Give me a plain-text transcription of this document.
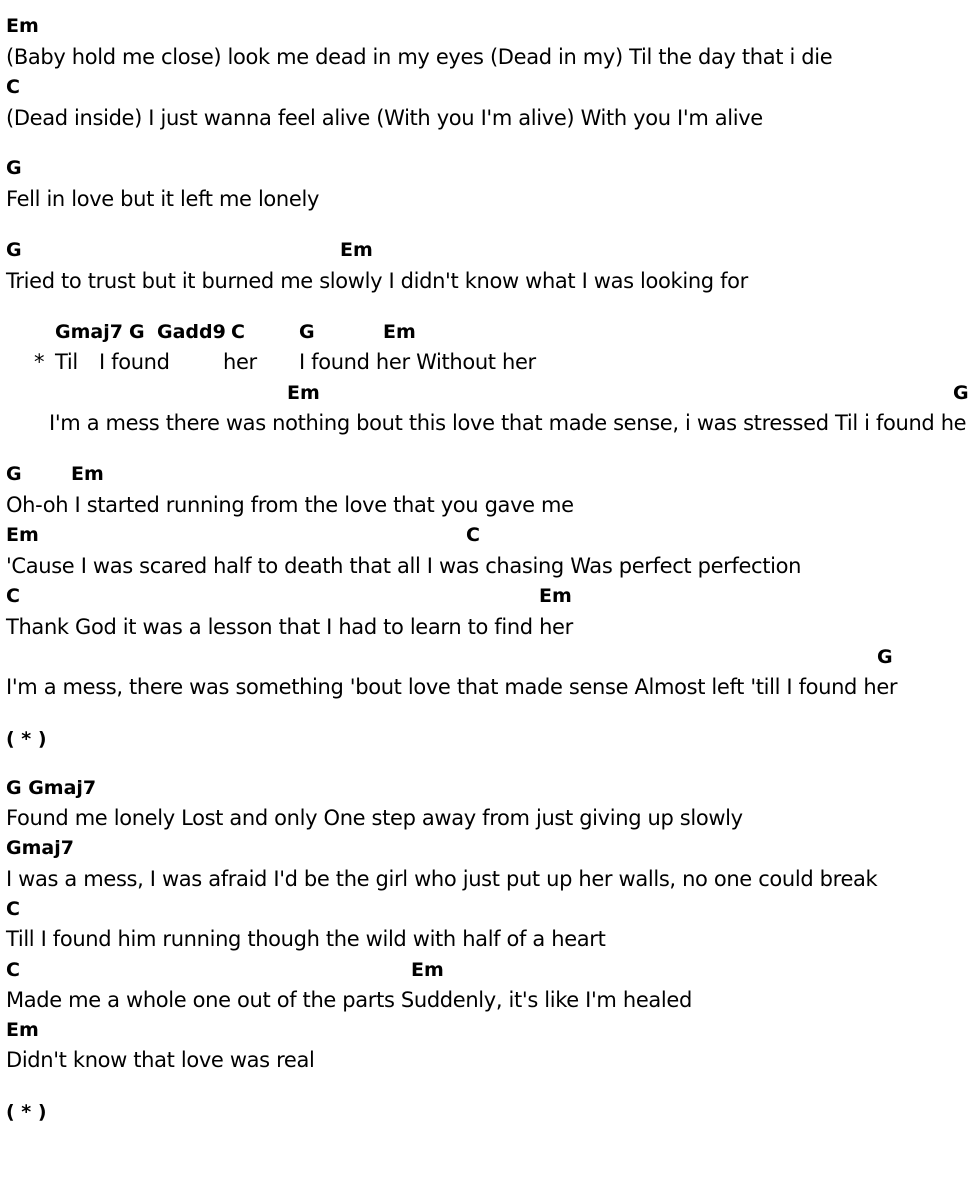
Em

(Baby hold me close) look me dead in my eyes (Dead in my) Til the day that i die

C

(Dead inside) I just wanna feel alive (With you I'm alive) With you I'm alive

G

Fell in love but it left me lonely

G

	Em

Tried to trust but it burned me slowly I didn't know what I was looking for

Gmaj7

G

Gadd9

C

	G

	Em

*

Til

I found

	her

I found her Without her

Em

	G

I'm a mess there was nothing bout this love that made sense, i was stressed Til i found he

G

	Em

Oh-oh I started running from the love that you gave me

Em

	C

'Cause I was scared half to death that all I was chasing Was perfect perfection

C

	Em

Thank God it was a lesson that I had to learn to find her

G

I'm a mess, there was something 'bout love that made sense Almost left 'till I found her

( * )

G Gmaj7

Found me lonely Lost and only One step away from just giving up slowly

Gmaj7

I was a mess, I was afraid I'd be the girl who just put up her walls, no one could break

C

Till I found him running though the wild with half of a heart

C

	Em

Made me a whole one out of the parts Suddenly, it's like I'm healed

Em

Didn't know that love was real

( * )
